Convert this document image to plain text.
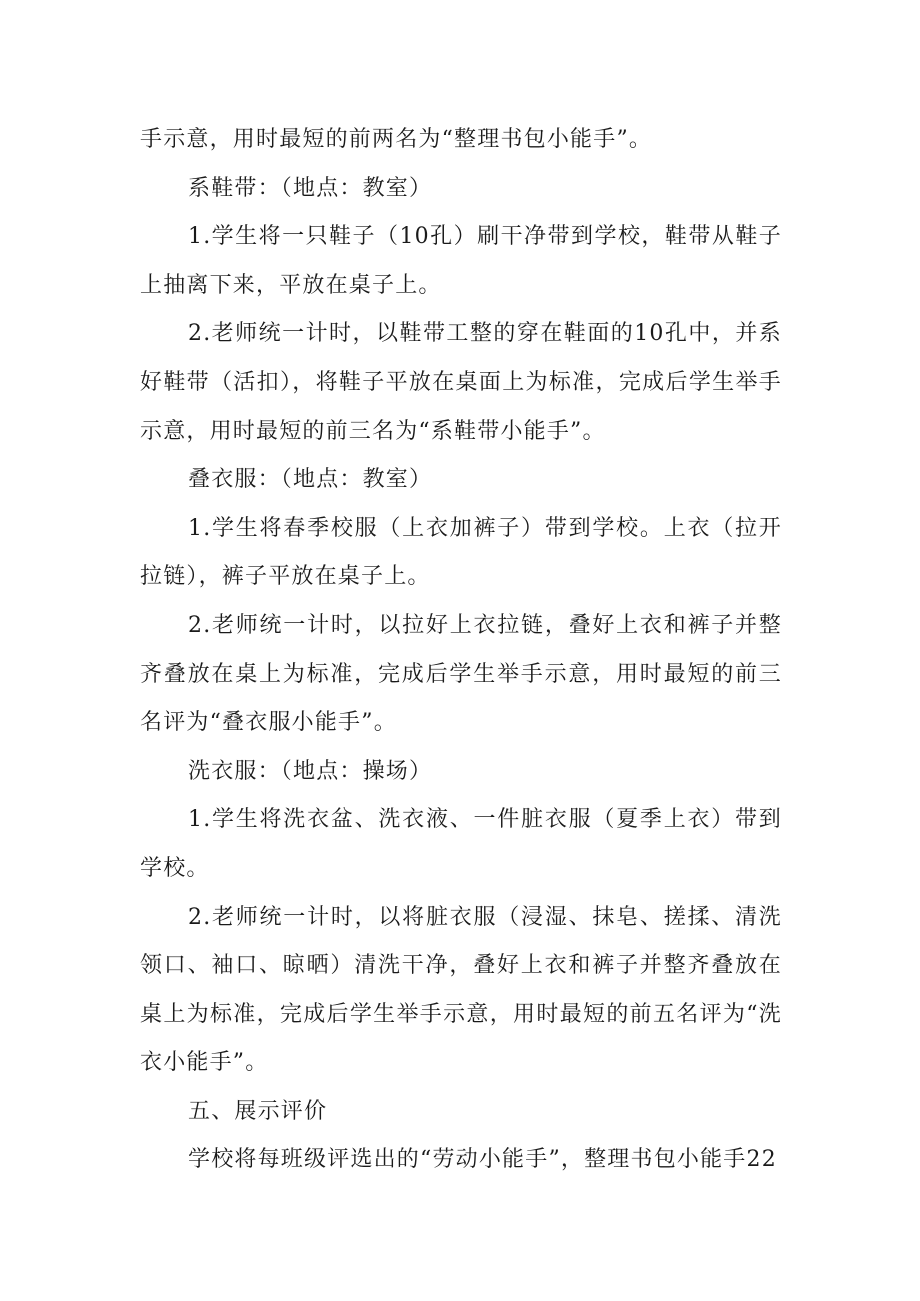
手示意，用时最短的前两名为“整理书包小能手”。

系鞋带：（地点：教室）

1.学生将一只鞋子（10孔）刷干净带到学校，鞋带从鞋子上抽离下来，平放在桌子上。

2.老师统一计时，以鞋带工整的穿在鞋面的10孔中，并系好鞋带（活扣），将鞋子平放在桌面上为标准，完成后学生举手示意，用时最短的前三名为“系鞋带小能手”。

叠衣服：（地点：教室）

1.学生将春季校服（上衣加裤子）带到学校。上衣（拉开拉链），裤子平放在桌子上。

2.老师统一计时，以拉好上衣拉链，叠好上衣和裤子并整齐叠放在桌上为标准，完成后学生举手示意，用时最短的前三名评为“叠衣服小能手”。

洗衣服：（地点：操场）

1.学生将洗衣盆、洗衣液、一件脏衣服（夏季上衣）带到学校。

2.老师统一计时，以将脏衣服（浸湿、抹皂、搓揉、清洗领口、袖口、晾晒）清洗干净，叠好上衣和裤子并整齐叠放在桌上为标准，完成后学生举手示意，用时最短的前五名评为“洗衣小能手”。

五、展示评价

学校将每班级评选出的“劳动小能手”，整理书包小能手22
